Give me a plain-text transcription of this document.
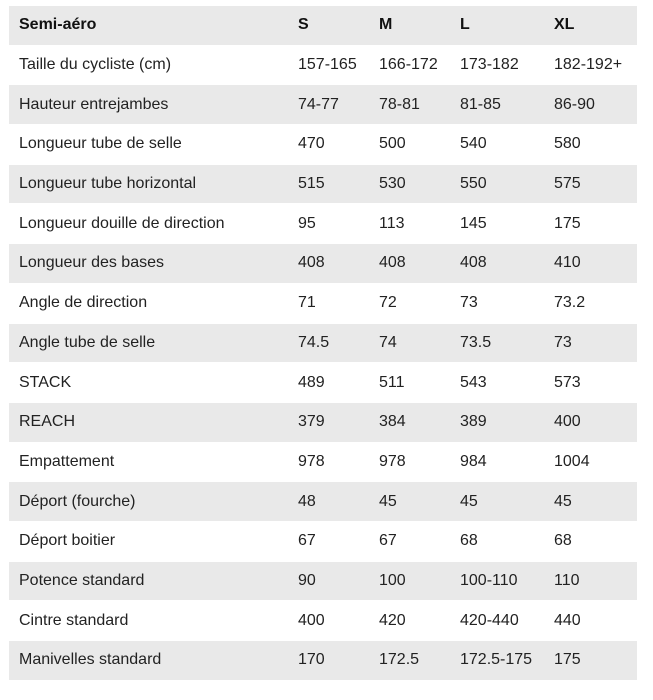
Semi-aéro	S	M	L	XL
Taille du cycliste (cm)	157-165	166-172	173-182	182-192+
Hauteur entrejambes	74-77	78-81	81-85	86-90
Longueur tube de selle	470	500	540	580
Longueur tube horizontal	515	530	550	575
Longueur douille de direction	95	113	145	175
Longueur des bases	408	408	408	410
Angle de direction	71	72	73	73.2
Angle tube de selle	74.5	74	73.5	73
STACK	489	511	543	573
REACH	379	384	389	400
Empattement	978	978	984	1004
Déport (fourche)	48	45	45	45
Déport boitier	67	67	68	68
Potence standard	90	100	100-110	110
Cintre standard	400	420	420-440	440
Manivelles standard	170	172.5	172.5-175	175
